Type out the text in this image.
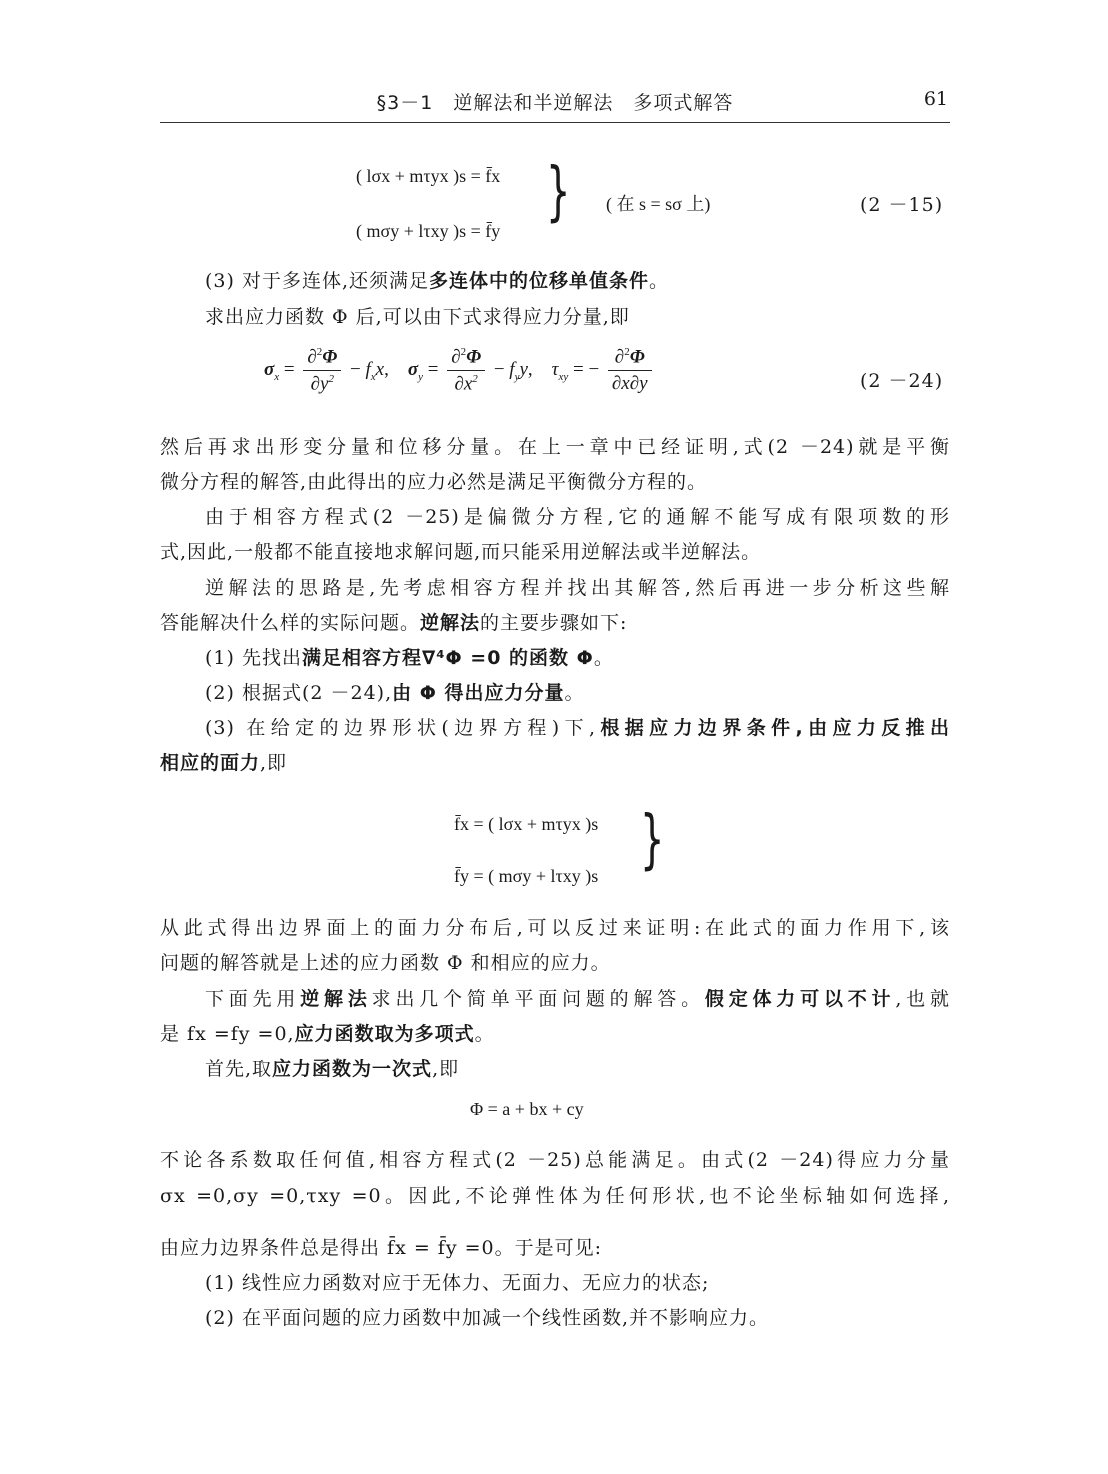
§3－1　逆解法和半逆解法　多项式解答	61
( lσx + mτyx )s = f̄x
( mσy + lτxy )s = f̄y
} ( 在 s = sσ 上)	(2 －15)
(3) 对于多连体,还须满足多连体中的位移单值条件。
求出应力函数 Φ 后,可以由下式求得应力分量,即
$\sigma_x = \frac{\partial^2\Phi}{\partial y^2} - f_xx$,    $\sigma_y = \frac{\partial^2\Phi}{\partial x^2} - f_yy$,    $\tau_{xy}$ = − $\frac{\partial^2\Phi}{\partial x\partial y}$	(2 －24)
然后再求出形变分量和位移分量。在上一章中已经证明,式(2 －24)就是平衡
微分方程的解答,由此得出的应力必然是满足平衡微分方程的。
由于相容方程式(2 －25)是偏微分方程,它的通解不能写成有限项数的形
式,因此,一般都不能直接地求解问题,而只能采用逆解法或半逆解法。
逆解法的思路是,先考虑相容方程并找出其解答,然后再进一步分析这些解
答能解决什么样的实际问题。逆解法的主要步骤如下:
(1) 先找出满足相容方程∇⁴Φ =0 的函数 Φ。
(2) 根据式(2 －24),由 Φ 得出应力分量。
(3) 在给定的边界形状(边界方程)下,根据应力边界条件,由应力反推出
相应的面力,即
f̄x = ( lσx + mτyx )s
f̄y = ( mσy + lτxy )s }
从此式得出边界面上的面力分布后,可以反过来证明:在此式的面力作用下,该
问题的解答就是上述的应力函数 Φ 和相应的应力。
下面先用逆解法求出几个简单平面问题的解答。假定体力可以不计,也就
是 fx =fy =0,应力函数取为多项式。
首先,取应力函数为一次式,即
Φ = a + bx + cy
不论各系数取任何值,相容方程式(2 －25)总能满足。由式(2 －24)得应力分量
σx =0,σy =0,τxy =0。因此,不论弹性体为任何形状,也不论坐标轴如何选择,
由应力边界条件总是得出 f̄x = f̄y =0。于是可见:
(1) 线性应力函数对应于无体力、无面力、无应力的状态;
(2) 在平面问题的应力函数中加减一个线性函数,并不影响应力。
